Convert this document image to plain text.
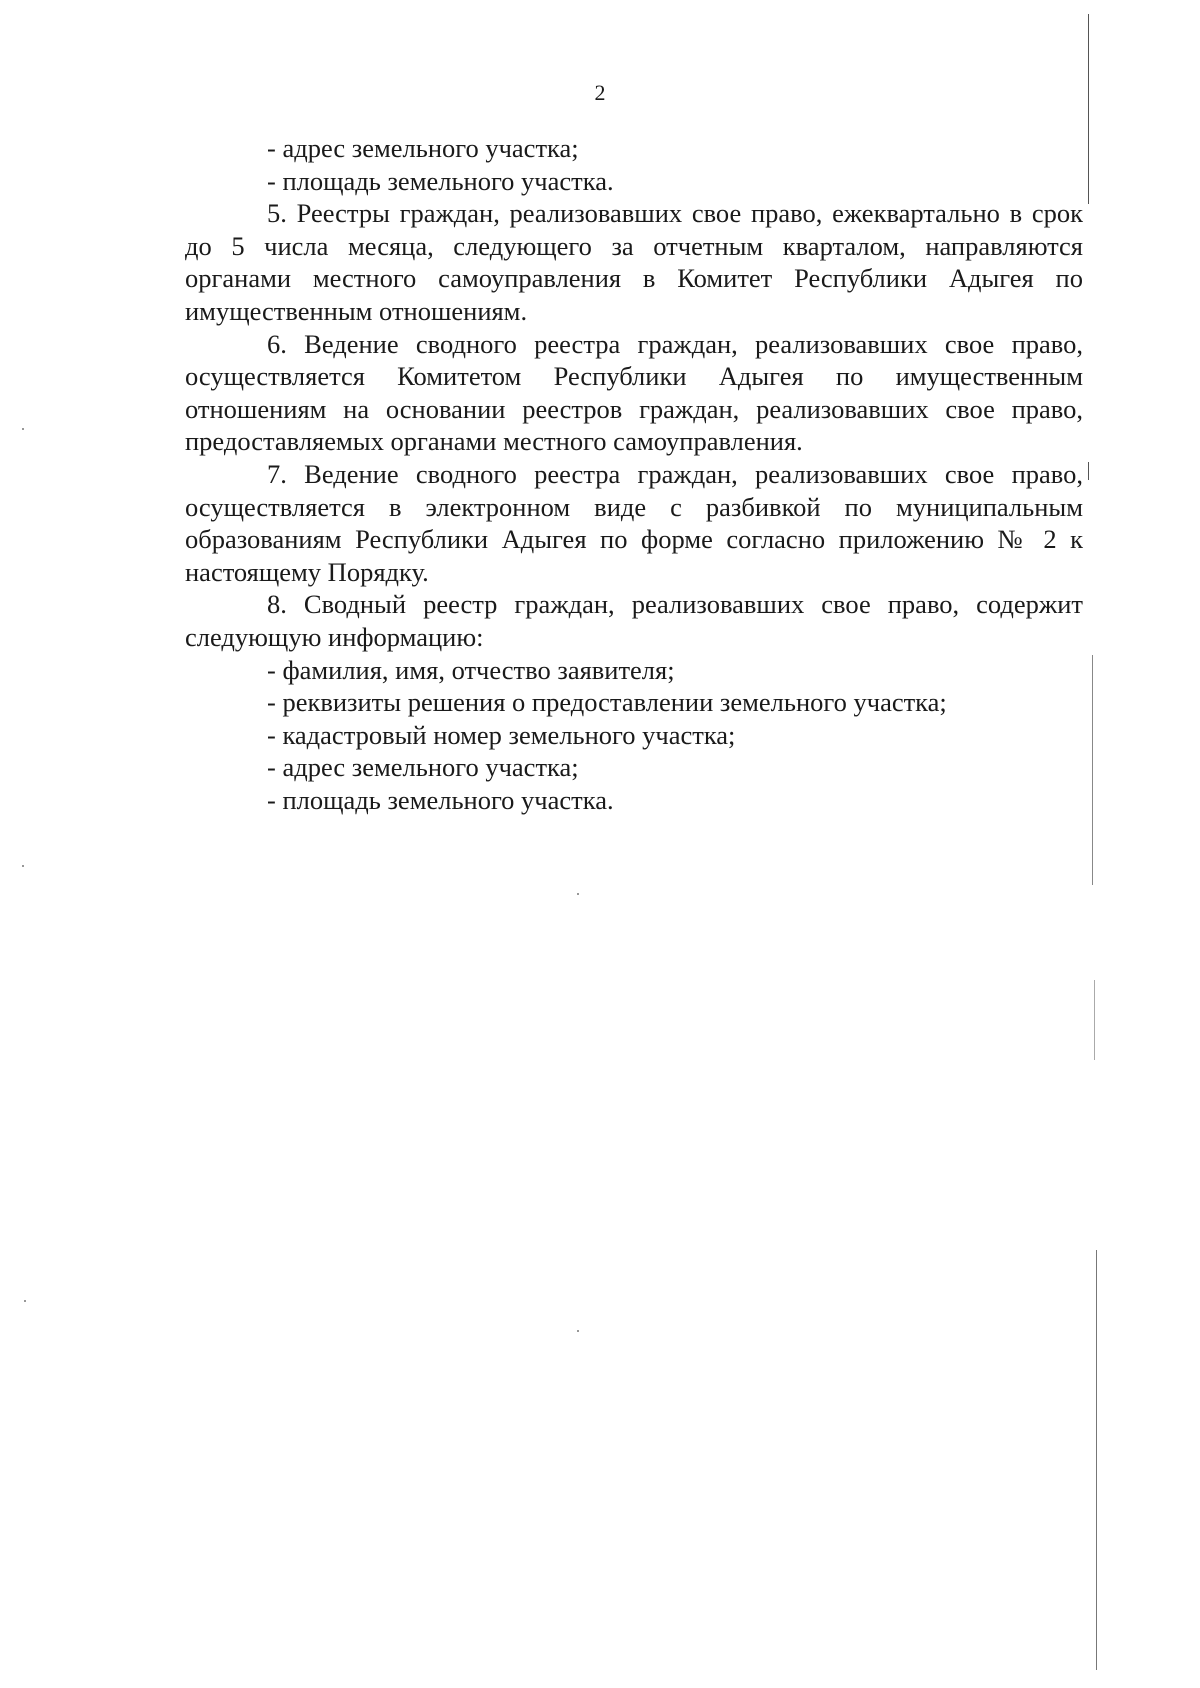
2

- адрес земельного участка;

- площадь земельного участка.

5. Реестры граждан, реализовавших свое право, ежеквартально в срок до 5 числа месяца, следующего за отчетным кварталом, направляются органами местного самоуправления в Комитет Республики Адыгея по имущественным отношениям.

6. Ведение сводного реестра граждан, реализовавших свое право, осуществляется Комитетом Республики Адыгея по имущественным отношениям на основании реестров граждан, реализовавших свое право, предоставляемых органами местного самоуправления.

7. Ведение сводного реестра граждан, реализовавших свое право, осуществляется в электронном виде с разбивкой по муниципальным образованиям Республики Адыгея по форме согласно приложению № 2 к настоящему Порядку.

8. Сводный реестр граждан, реализовавших свое право, содержит следующую информацию:

- фамилия, имя, отчество заявителя;

- реквизиты решения о предоставлении земельного участка;

- кадастровый номер земельного участка;

- адрес земельного участка;

- площадь земельного участка.
